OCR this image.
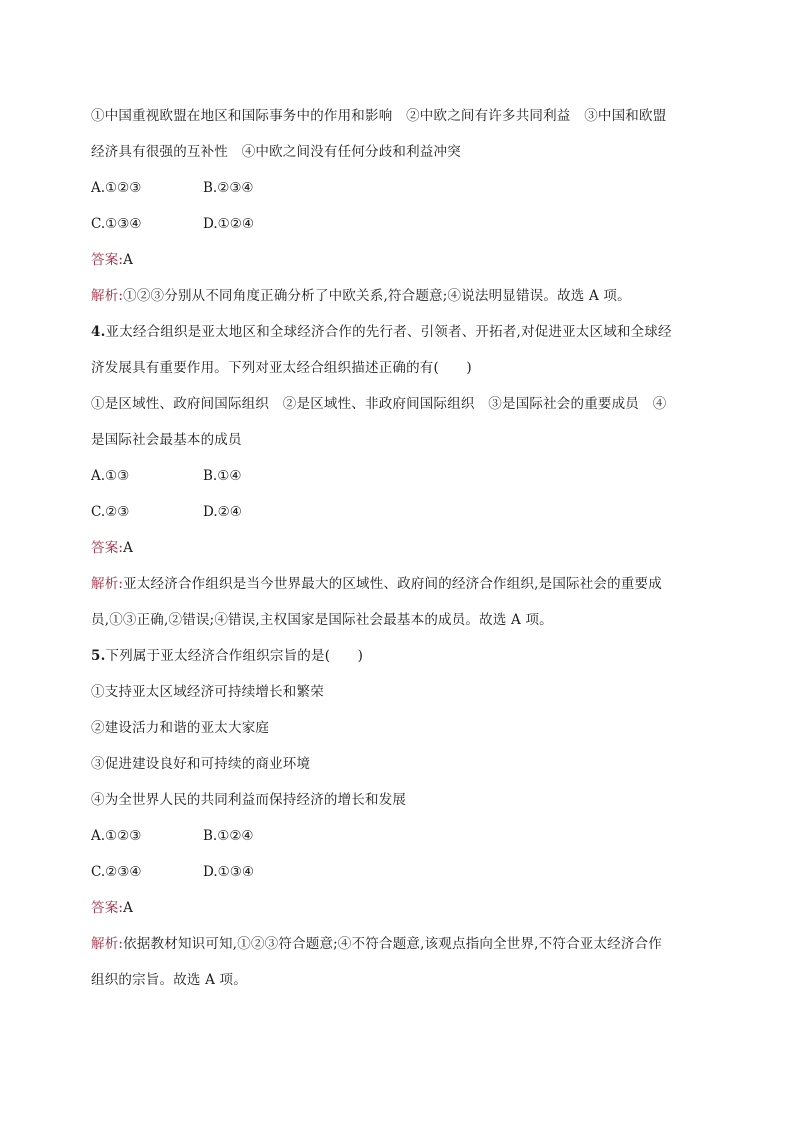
①中国重视欧盟在地区和国际事务中的作用和影响　②中欧之间有许多共同利益　③中国和欧盟
经济具有很强的互补性　④中欧之间没有任何分歧和利益冲突
A.①②③	B.②③④
C.①③④	D.①②④
答案:A
解析:①②③分别从不同角度正确分析了中欧关系,符合题意;④说法明显错误。故选 A 项。
4.亚太经合组织是亚太地区和全球经济合作的先行者、引领者、开拓者,对促进亚太区域和全球经
济发展具有重要作用。下列对亚太经合组织描述正确的有(　　)
①是区域性、政府间国际组织　②是区域性、非政府间国际组织　③是国际社会的重要成员　④
是国际社会最基本的成员
A.①③	B.①④
C.②③	D.②④
答案:A
解析:亚太经济合作组织是当今世界最大的区域性、政府间的经济合作组织,是国际社会的重要成
员,①③正确,②错误;④错误,主权国家是国际社会最基本的成员。故选 A 项。
5.下列属于亚太经济合作组织宗旨的是(　　)
①支持亚太区域经济可持续增长和繁荣
②建设活力和谐的亚太大家庭
③促进建设良好和可持续的商业环境
④为全世界人民的共同利益而保持经济的增长和发展
A.①②③	B.①②④
C.②③④	D.①③④
答案:A
解析:依据教材知识可知,①②③符合题意;④不符合题意,该观点指向全世界,不符合亚太经济合作
组织的宗旨。故选 A 项。
